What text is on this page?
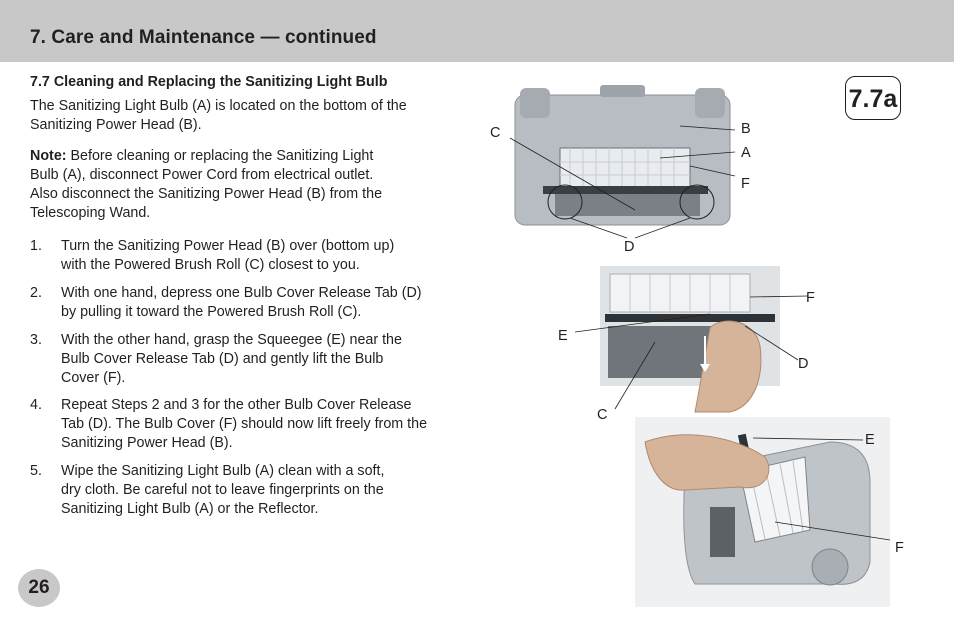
7. Care and Maintenance — continued
7.7 Cleaning and Replacing the Sanitizing Light Bulb
The Sanitizing Light Bulb (A) is located on the bottom of the
Sanitizing Power Head (B).
Note: Before cleaning or replacing the Sanitizing Light
Bulb (A), disconnect Power Cord from electrical outlet.
Also disconnect the Sanitizing Power Head (B) from the
Telescoping Wand.
1. Turn the Sanitizing Power Head (B) over (bottom up)
with the Powered Brush Roll (C) closest to you.
2. With one hand, depress one Bulb Cover Release Tab (D)
by pulling it toward the Powered Brush Roll (C).
3. With the other hand, grasp the Squeegee (E) near the
Bulb Cover Release Tab (D) and gently lift the Bulb
Cover (F).
4. Repeat Steps 2 and 3 for the other Bulb Cover Release
Tab (D). The Bulb Cover (F) should now lift freely from the
Sanitizing Power Head (B).
5. Wipe the Sanitizing Light Bulb (A) clean with a soft,
dry cloth. Be careful not to leave fingerprints on the
Sanitizing Light Bulb (A) or the Reflector.
26
7.7a
B
A
F
C
D
F
E
D
C
E
F
